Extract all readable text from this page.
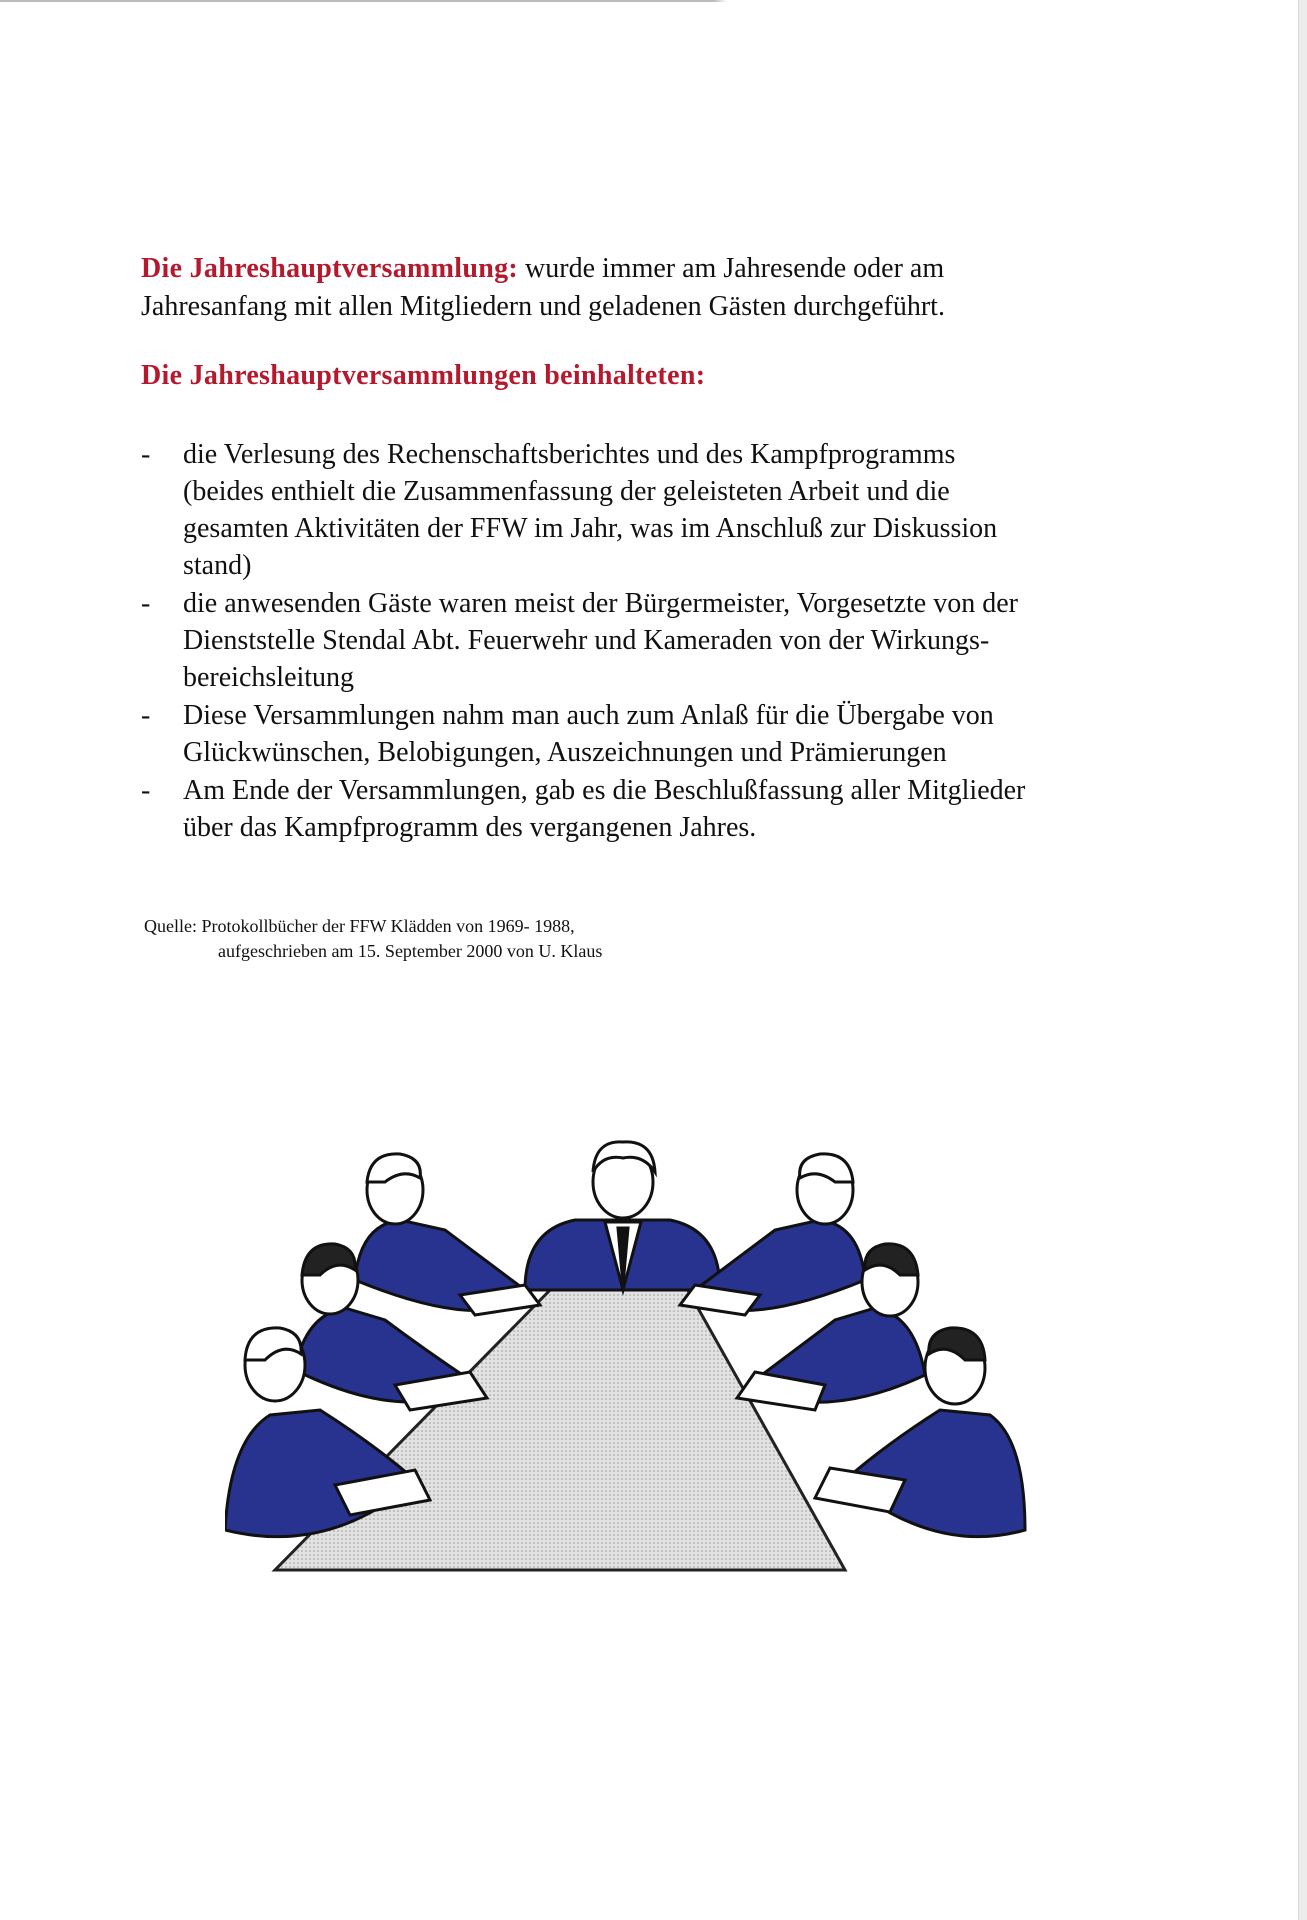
Die Jahreshauptversammlung: wurde immer am Jahresende oder am
Jahresanfang mit allen Mitgliedern und geladenen Gästen durchgeführt.
Die Jahreshauptversammlungen beinhalteten:
- die Verlesung des Rechenschaftsberichtes und des Kampfprogramms
(beides enthielt die Zusammenfassung der geleisteten Arbeit und die
gesamten Aktivitäten der FFW im Jahr, was im Anschluß zur Diskussion
stand)
- die anwesenden Gäste waren meist der Bürgermeister, Vorgesetzte von der
Dienststelle Stendal Abt. Feuerwehr und Kameraden von der Wirkungs-
bereichsleitung
- Diese Versammlungen nahm man auch zum Anlaß für die Übergabe von
Glückwünschen, Belobigungen, Auszeichnungen und Prämierungen
- Am Ende der Versammlungen, gab es die Beschlußfassung aller Mitglieder
über das Kampfprogramm des vergangenen Jahres.
Quelle: Protokollbücher der FFW Klädden von 1969- 1988,
aufgeschrieben am 15. September 2000 von U. Klaus
